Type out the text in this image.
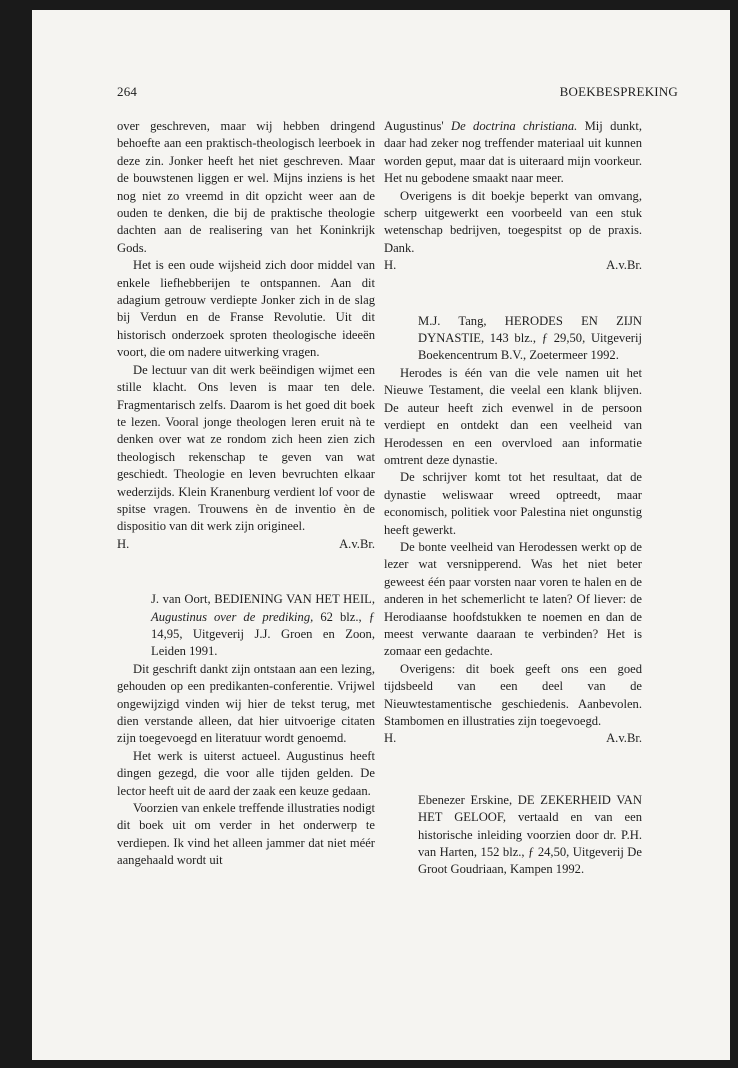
264	BOEKBESPREKING

over geschreven, maar wij hebben dringend behoefte aan een praktisch-theologisch leerboek in deze zin. Jonker heeft het niet geschreven. Maar de bouwstenen liggen er wel. Mijns inziens is het nog niet zo vreemd in dit opzicht weer aan de ouden te denken, die bij de praktische theologie dachten aan de realisering van het Koninkrijk Gods.

Het is een oude wijsheid zich door middel van enkele liefhebberijen te ontspannen. Aan dit adagium getrouw verdiepte Jonker zich in de slag bij Verdun en de Franse Revolutie. Uit dit historisch onderzoek sproten theologische ideeën voort, die om nadere uitwerking vragen.

De lectuur van dit werk beëindigen wijmet een stille klacht. Ons leven is maar ten dele. Fragmentarisch zelfs. Daarom is het goed dit boek te lezen. Vooral jonge theologen leren eruit nà te denken over wat ze rondom zich heen zien zich theologisch rekenschap te geven van wat geschiedt. Theologie en leven bevruchten elkaar wederzijds. Klein Kranenburg verdient lof voor de spitse vragen. Trouwens èn de inventio èn de dispositio van dit werk zijn origineel.

H.	A.v.Br.

J. van Oort, BEDIENING VAN HET HEIL, Augustinus over de prediking, 62 blz., ƒ 14,95, Uitgeverij J.J. Groen en Zoon, Leiden 1991.

Dit geschrift dankt zijn ontstaan aan een lezing, gehouden op een predikanten-conferentie. Vrijwel ongewijzigd vinden wij hier de tekst terug, met dien verstande alleen, dat hier uitvoerige citaten zijn toegevoegd en literatuur wordt genoemd.

Het werk is uiterst actueel. Augustinus heeft dingen gezegd, die voor alle tijden gelden. De lector heeft uit de aard der zaak een keuze gedaan.

Voorzien van enkele treffende illustraties nodigt dit boek uit om verder in het onderwerp te verdiepen. Ik vind het alleen jammer dat niet méér aangehaald wordt uit

Augustinus' De doctrina christiana. Mij dunkt, daar had zeker nog treffender materiaal uit kunnen worden geput, maar dat is uiteraard mijn voorkeur. Het nu gebodene smaakt naar meer.

Overigens is dit boekje beperkt van omvang, scherp uitgewerkt een voorbeeld van een stuk wetenschap bedrijven, toegespitst op de praxis. Dank.

H.	A.v.Br.

M.J. Tang, HERODES EN ZIJN DYNASTIE, 143 blz., ƒ 29,50, Uitgeverij Boekencentrum B.V., Zoetermeer 1992.

Herodes is één van die vele namen uit het Nieuwe Testament, die veelal een klank blijven. De auteur heeft zich evenwel in de persoon verdiept en ontdekt dan een veelheid van Herodessen en een overvloed aan informatie omtrent deze dynastie.

De schrijver komt tot het resultaat, dat de dynastie weliswaar wreed optreedt, maar economisch, politiek voor Palestina niet ongunstig heeft gewerkt.

De bonte veelheid van Herodessen werkt op de lezer wat versnipperend. Was het niet beter geweest één paar vorsten naar voren te halen en de anderen in het schemerlicht te laten? Of liever: de Herodiaanse hoofdstukken te noemen en dan de meest verwante daaraan te verbinden? Het is zomaar een gedachte.

Overigens: dit boek geeft ons een goed tijdsbeeld van een deel van de Nieuwtestamentische geschiedenis. Aanbevolen. Stambomen en illustraties zijn toegevoegd.

H.	A.v.Br.

Ebenezer Erskine, DE ZEKERHEID VAN HET GELOOF, vertaald en van een historische inleiding voorzien door dr. P.H. van Harten, 152 blz., ƒ 24,50, Uitgeverij De Groot Goudriaan, Kampen 1992.
